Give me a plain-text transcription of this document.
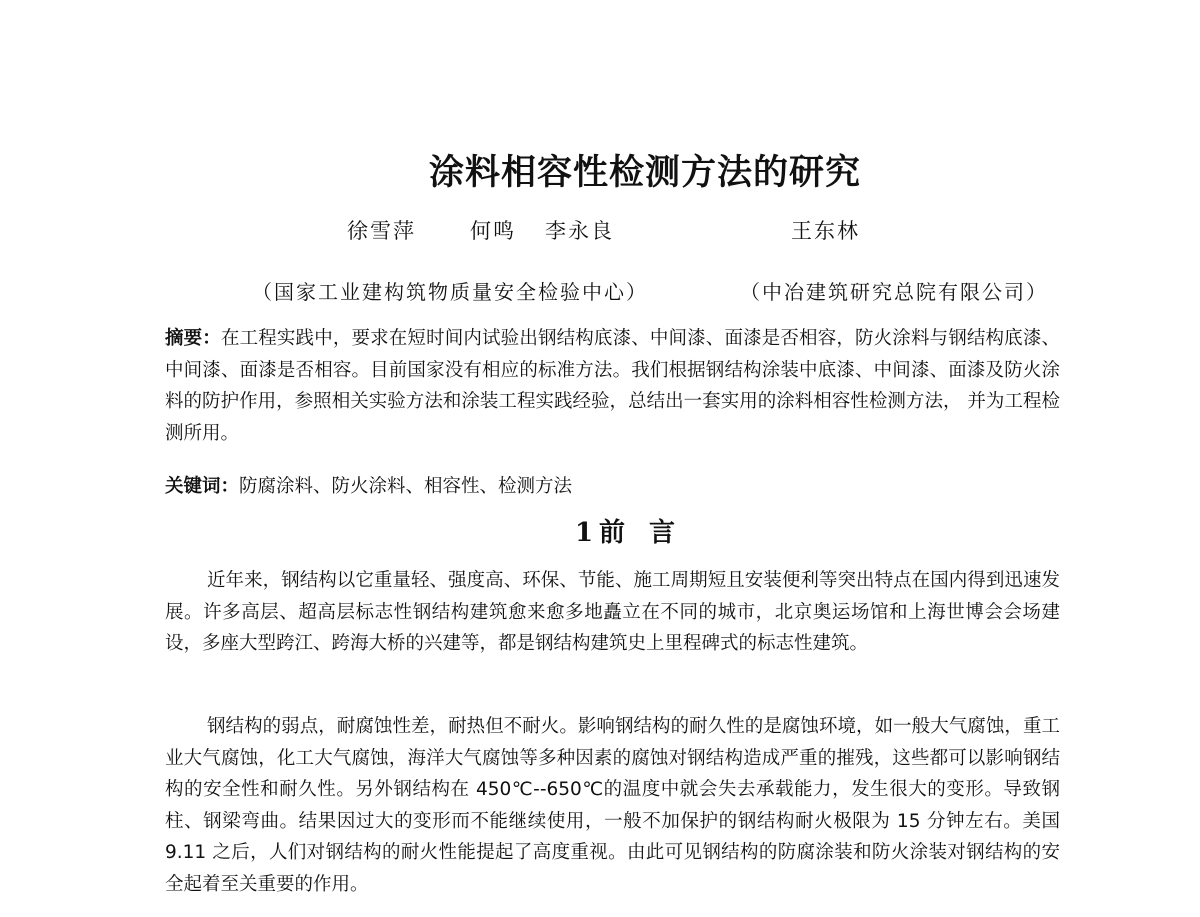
涂料相容性检测方法的研究
徐雪萍	何鸣 李永良	王东林
（国家工业建构筑物质量安全检验中心）	（中冶建筑研究总院有限公司）
摘要：在工程实践中，要求在短时间内试验出钢结构底漆、中间漆、面漆是否相容，防火涂料与钢结构底漆、中间漆、面漆是否相容。目前国家没有相应的标准方法。我们根据钢结构涂装中底漆、中间漆、面漆及防火涂料的防护作用，参照相关实验方法和涂装工程实践经验，总结出一套实用的涂料相容性检测方法， 并为工程检测所用。
关键词：防腐涂料、防火涂料、相容性、检测方法
1 前 言
近年来，钢结构以它重量轻、强度高、环保、节能、施工周期短且安装便利等突出特点在国内得到迅速发展。许多高层、超高层标志性钢结构建筑愈来愈多地矗立在不同的城市，北京奥运场馆和上海世博会会场建设，多座大型跨江、跨海大桥的兴建等，都是钢结构建筑史上里程碑式的标志性建筑。
钢结构的弱点，耐腐蚀性差，耐热但不耐火。影响钢结构的耐久性的是腐蚀环境，如一般大气腐蚀，重工业大气腐蚀，化工大气腐蚀，海洋大气腐蚀等多种因素的腐蚀对钢结构造成严重的摧残，这些都可以影响钢结构的安全性和耐久性。另外钢结构在 450℃--650℃的温度中就会失去承载能力，发生很大的变形。导致钢柱、钢梁弯曲。结果因过大的变形而不能继续使用，一般不加保护的钢结构耐火极限为 15 分钟左右。美国 9.11 之后，人们对钢结构的耐火性能提起了高度重视。由此可见钢结构的防腐涂装和防火涂装对钢结构的安全起着至关重要的作用。
